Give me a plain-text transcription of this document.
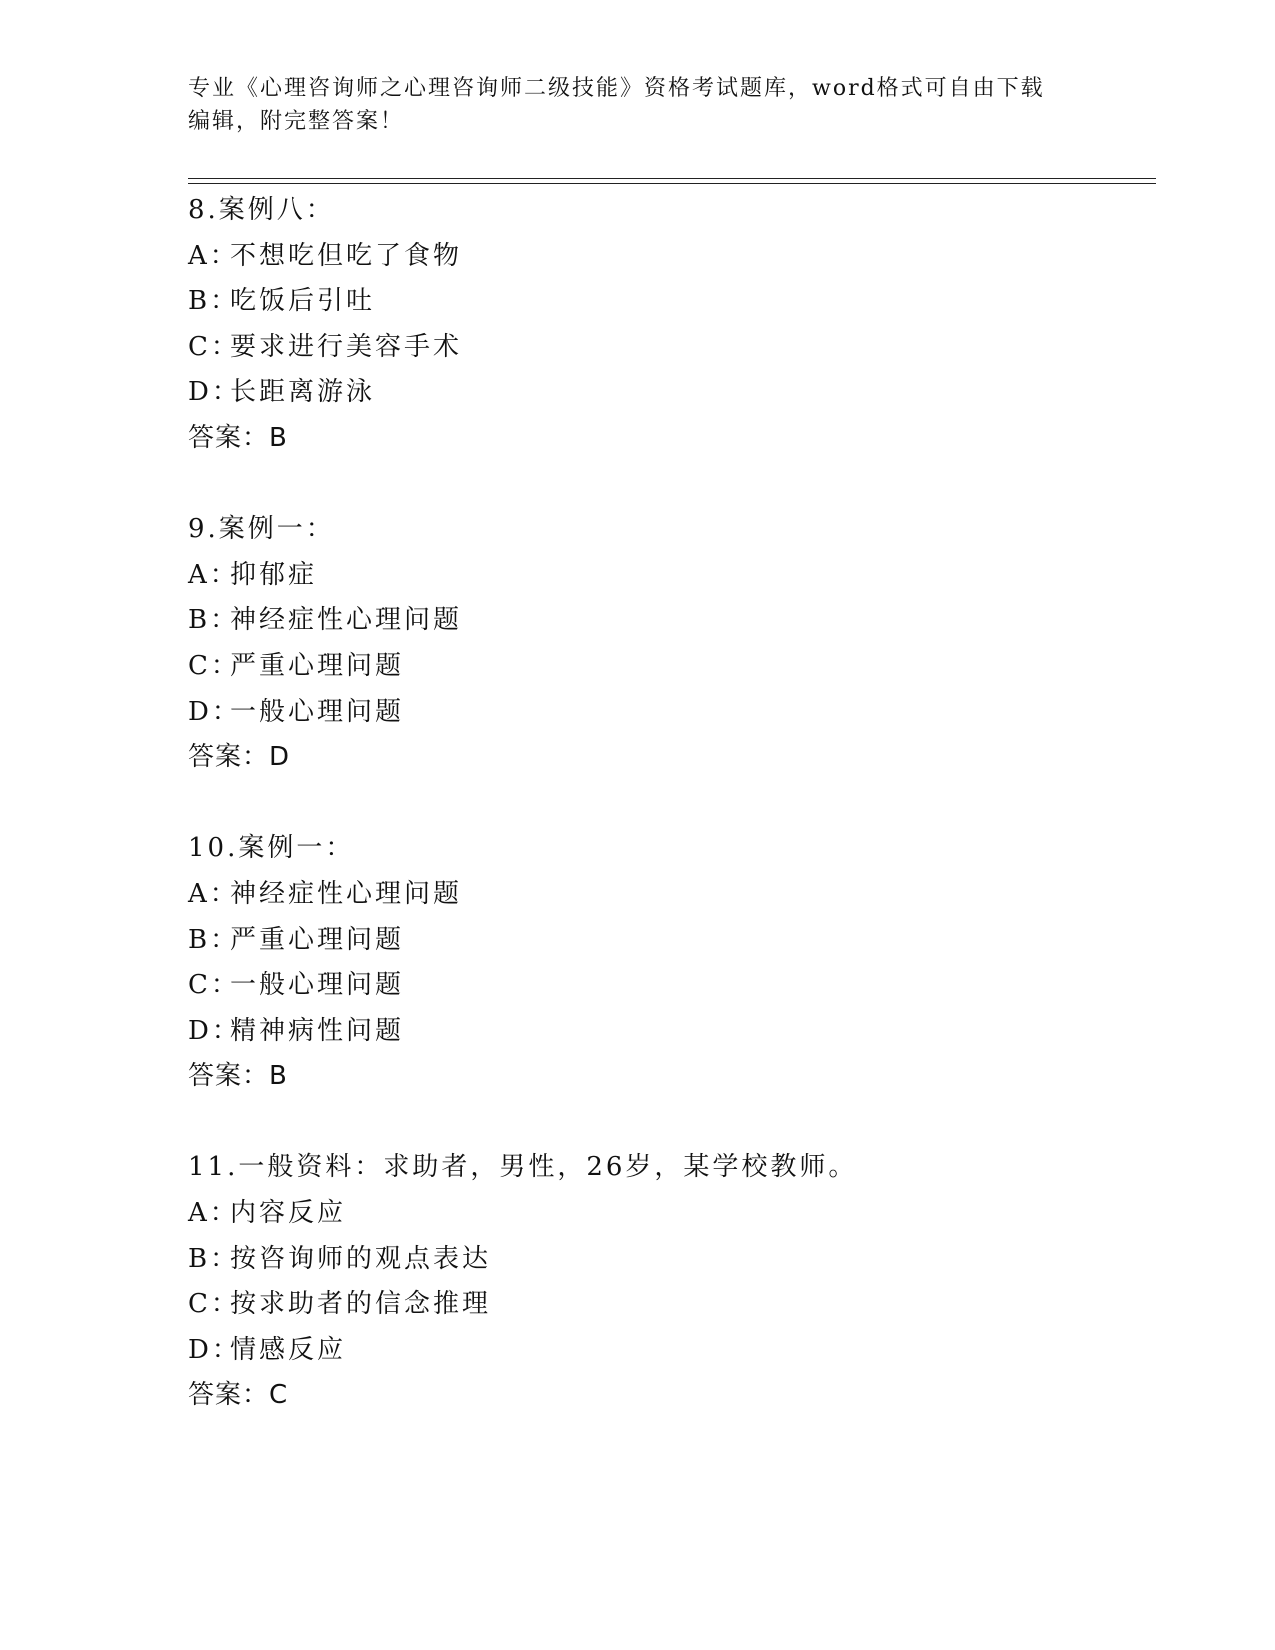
专业《心理咨询师之心理咨询师二级技能》资格考试题库，word格式可自由下载
编辑，附完整答案！
8.案例八：
A：不想吃但吃了食物
B：吃饭后引吐
C：要求进行美容手术
D：长距离游泳
答案：B
9.案例一：
A：抑郁症
B：神经症性心理问题
C：严重心理问题
D：一般心理问题
答案：D
10.案例一：
A：神经症性心理问题
B：严重心理问题
C：一般心理问题
D：精神病性问题
答案：B
11.一般资料：求助者，男性，26岁，某学校教师。
A：内容反应
B：按咨询师的观点表达
C：按求助者的信念推理
D：情感反应
答案：C
